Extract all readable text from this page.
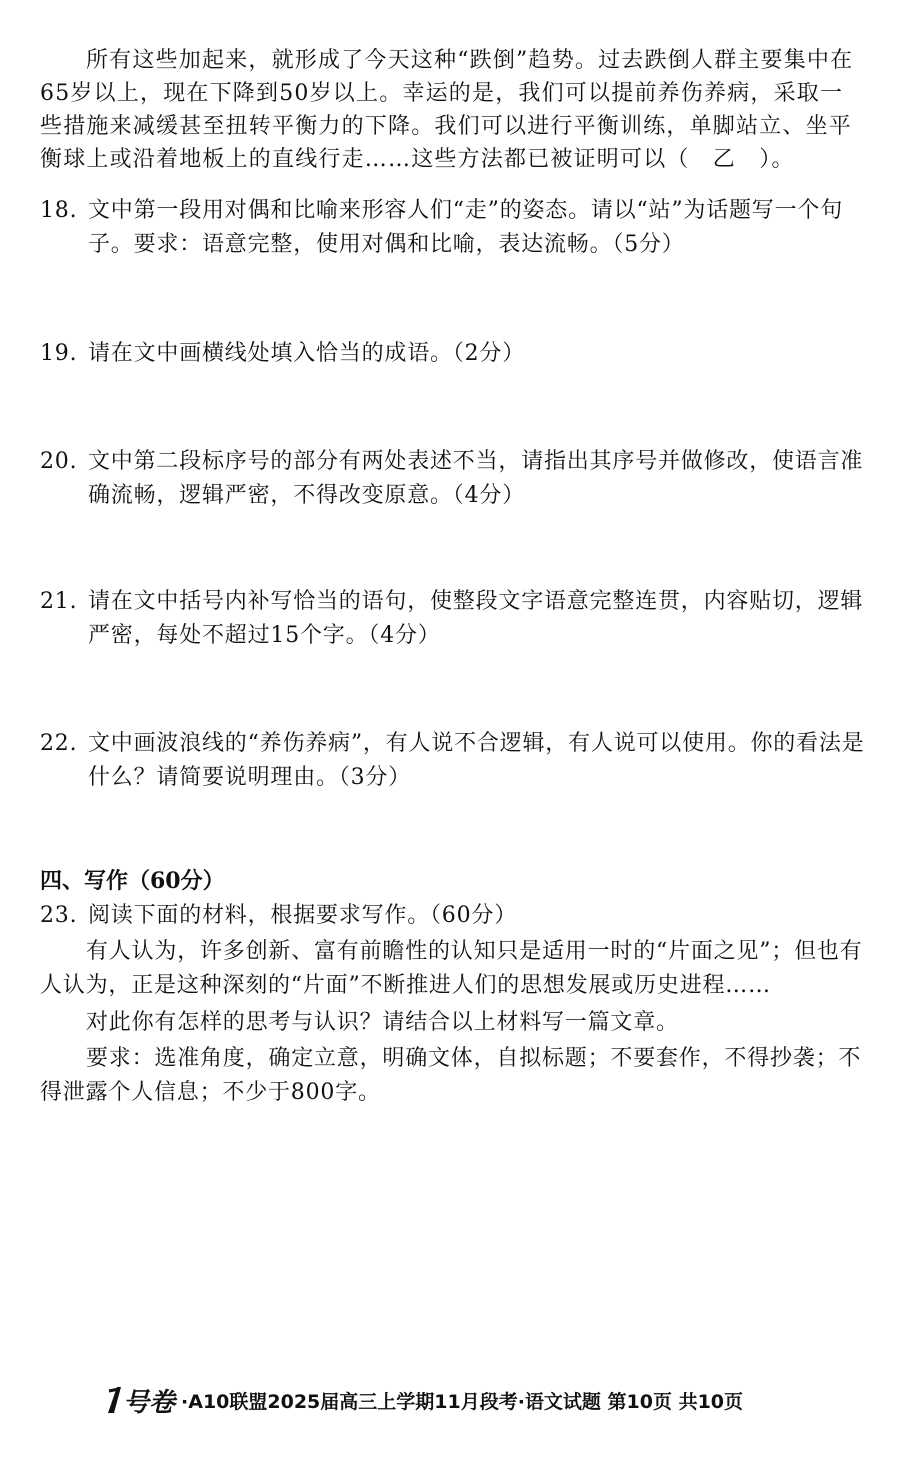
所有这些加起来，就形成了今天这种“跌倒”趋势。过去跌倒人群主要集中在65岁以上，现在下降到50岁以上。幸运的是，我们可以提前养伤养病，采取一些措施来减缓甚至扭转平衡力的下降。我们可以进行平衡训练，单脚站立、坐平衡球上或沿着地板上的直线行走……这些方法都已被证明可以（　乙　）。
18. 文中第一段用对偶和比喻来形容人们“走”的姿态。请以“站”为话题写一个句子。要求：语意完整，使用对偶和比喻，表达流畅。（5分）
19. 请在文中画横线处填入恰当的成语。（2分）
20. 文中第二段标序号的部分有两处表述不当，请指出其序号并做修改，使语言准确流畅，逻辑严密，不得改变原意。（4分）
21. 请在文中括号内补写恰当的语句，使整段文字语意完整连贯，内容贴切，逻辑严密，每处不超过15个字。（4分）
22. 文中画波浪线的“养伤养病”，有人说不合逻辑，有人说可以使用。你的看法是什么？请简要说明理由。（3分）
四、写作（60分）
23. 阅读下面的材料，根据要求写作。（60分）
有人认为，许多创新、富有前瞻性的认知只是适用一时的“片面之见”；但也有人认为，正是这种深刻的“片面”不断推进人们的思想发展或历史进程……
对此你有怎样的思考与认识？请结合以上材料写一篇文章。
要求：选准角度，确定立意，明确文体，自拟标题；不要套作，不得抄袭；不得泄露个人信息；不少于800字。
号卷 ·A10联盟2025届高三上学期11月段考·语文试题 第10页 共10页
